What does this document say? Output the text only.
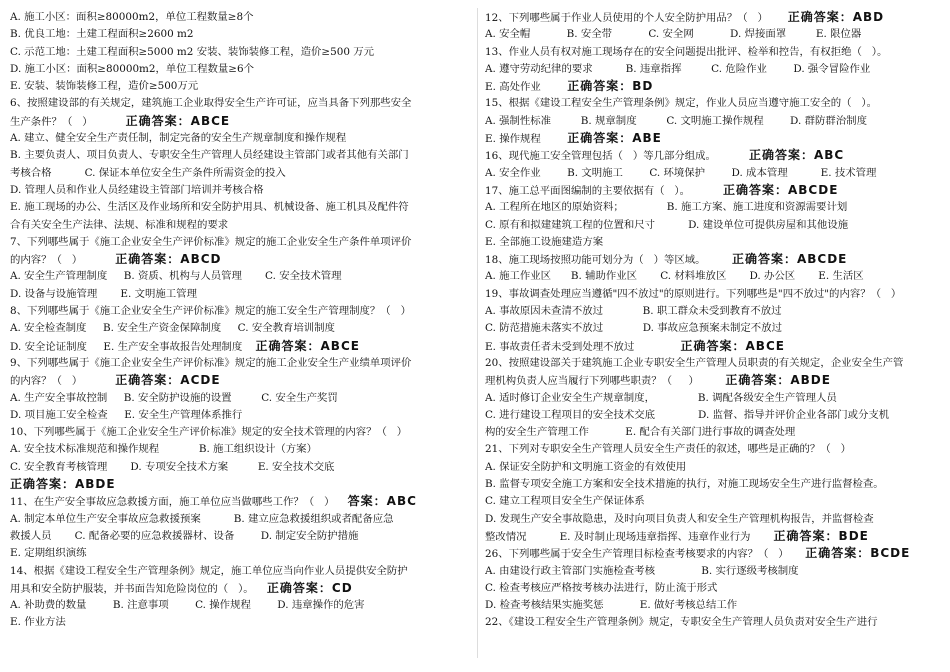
A. 施工小区：面积≥80000m2，单位工程数量≥8个
B. 优良工地：土建工程面积≥2600 m2
C. 示范工地：土建工程面积≥5000 m2 安装、装饰装修工程，造价≥500 万元
D. 施工小区：面积≥80000m2，单位工程数量≥6个
E. 安装、装饰装修工程，造价≥500万元
6、按照建设部的有关规定，建筑施工企业取得安全生产许可证，应当具备下列那些安全
生产条件？（   ）          正确答案：ABCE
A. 建立、健全安全生产责任制，制定完备的安全生产规章制度和操作规程
B. 主要负责人、项目负责人、专职安全生产管理人员经建设主管部门或者其他有关部门
考核合格          C. 保证本单位安全生产条件所需资金的投入
D. 管理人员和作业人员经建设主管部门培训并考核合格
E. 施工现场的办公、生活区及作业场所和安全防护用具、机械设备、施工机具及配件符
合有关安全生产法律、法规、标准和规程的要求
7、下列哪些属于《施工企业安全生产评价标准》规定的施工企业安全生产条件单项评价
的内容？（   ）          正确答案：ABCD
A. 安全生产管理制度     B. 资质、机构与人员管理       C. 安全技术管理
D. 设备与设施管理       E. 文明施工管理
8、下列哪些属于《施工企业安全生产评价标准》规定的施工安全生产管理制度？（   ）
A. 安全检查制度     B. 安全生产资金保障制度     C. 安全教育培训制度
D. 安全论证制度     E. 生产安全事故报告处理制度    正确答案：ABCE
9、下列哪些属于《施工企业安全生产评价标准》规定的施工企业安全生产业绩单项评价
的内容？（   ）          正确答案：ACDE
A. 生产安全事故控制     B. 安全防护设施的设置         C. 安全生产奖罚
D. 项目施工安全检查     E. 安全生产管理体系推行
10、下列哪些属于《施工企业安全生产评价标准》规定的安全技术管理的内容？（   ）
A. 安全技术标准规范和操作规程            B. 施工组织设计（方案）
C. 安全教育考核管理       D. 专项安全技术方案         E. 安全技术交底
正确答案：ABDE
11、在生产安全事故应急救援方面，施工单位应当做哪些工作？（   ）    答案：ABC
A. 制定本单位生产安全事故应急救援预案          B. 建立应急救援组织或者配备应急
救援人员       C. 配备必要的应急救援器材、设备        D. 制定安全防护措施
E. 定期组织演练
14、根据《建设工程安全生产管理条例》规定，施工单位应当向作业人员提供安全防护
用具和安全防护服装，并书面告知危险岗位的（   ）。    正确答案：CD
A. 补助费的数量        B. 注意事项        C. 操作规程        D. 违章操作的危害
E. 作业方法
12、下列哪些属于作业人员使用的个人安全防护用品？（   ）      正确答案：ABD
A. 安全帽           B. 安全带           C. 安全网           D. 焊接面罩         E. 限位器
13、作业人员有权对施工现场存在的安全问题提出批评、检举和控告，有权拒绝（   ）。
A. 遵守劳动纪律的要求          B. 违章指挥         C. 危险作业        D. 强令冒险作业
E. 高处作业        正确答案：BD
15、根据《建设工程安全生产管理条例》规定，作业人员应当遵守施工安全的（   ）。
A. 强制性标准         B. 规章制度         C. 文明施工操作规程        D. 群防群治制度
E. 操作规程        正确答案：ABE
16、现代施工安全管理包括（   ）等几部分组成。          正确答案：ABC
A. 安全作业        B. 文明施工        C. 环境保护        D. 成本管理          E. 技术管理
17、施工总平面图编制的主要依据有（   ）。          正确答案：ABCDE
A. 工程所在地区的原始资料；             B. 施工方案、施工进度和资源需要计划
C. 原有和拟建建筑工程的位置和尺寸          D. 建设单位可提供房屋和其他设施
E. 全部施工设施建造方案
18、施工现场按照功能可划分为（   ）等区域。        正确答案：ABCDE
A. 施工作业区      B. 辅助作业区       C. 材料堆放区       D. 办公区       E. 生活区
19、事故调查处理应当遵循"四不放过"的原则进行。下列哪些是"四不放过"的内容？（   ）
A. 事故原因未查清不放过            B. 职工群众未受到教育不放过
C. 防范措施未落实不放过            D. 事故应急预案未制定不放过
E. 事故责任者未受到处理不放过              正确答案：ABCE
20、按照建设部关于建筑施工企业专职安全生产管理人员职责的有关规定，企业安全生产管
理机构负责人应当履行下列哪些职责？（     ）        正确答案：ABDE
A. 适时修订企业安全生产规章制度，             B. 调配各级安全生产管理人员
C. 进行建设工程项目的安全技术交底             D. 监督、指导并评价企业各部门或分支机
构的安全生产管理工作           E. 配合有关部门进行事故的调查处理
21、下列对专职安全生产管理人员安全生产责任的叙述，哪些是正确的？（   ）
A. 保证安全防护和文明施工资金的有效使用
B. 监督专项安全施工方案和安全技术措施的执行，对施工现场安全生产进行监督检查。
C. 建立工程项目安全生产保证体系
D. 发现生产安全事故隐患，及时向项目负责人和安全生产管理机构报告，并监督检查
整改情况          E. 及时制止现场违章指挥、违章作业行为       正确答案：BDE
26、下列哪些属于安全生产管理目标检查考核要求的内容？（   ）     正确答案：BCDE
A. 由建设行政主管部门实施检查考核              B. 实行逐级考核制度
C. 检查考核应严格按考核办法进行，防止流于形式
D. 检查考核结果实施奖惩           E. 做好考核总结工作
22、《建设工程安全生产管理条例》规定，专职安全生产管理人员负责对安全生产进行
